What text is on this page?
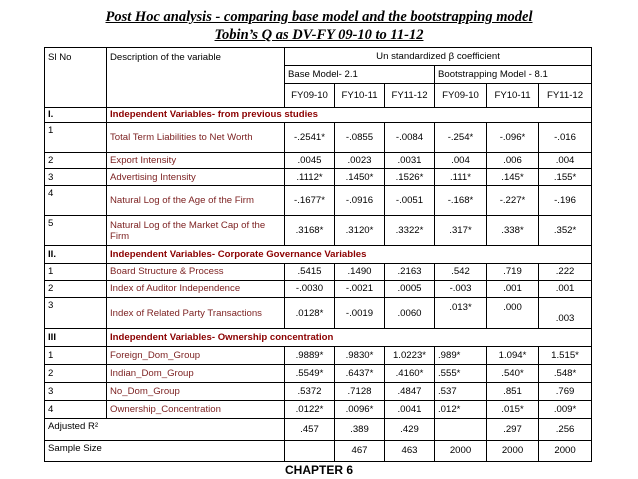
Post Hoc analysis - comparing base model and the bootstrapping model
Tobin’s Q as DV-FY 09-10 to 11-12
Sl No	Description of the variable	Un standardized β coefficient					
		Base Model- 2.1			Bootstrapping Model - 8.1		
		FY09-10	FY10-11	FY11-12	FY09-10	FY10-11	FY11-12
I.	Independent Variables- from previous studies						
1	Total Term Liabilities to Net Worth	-.2541*	-.0855	-.0084	-.254*	-.096*	-.016
2	Export Intensity	.0045	.0023	.0031	.004	.006	.004
3	Advertising Intensity	.1112*	.1450*	.1526*	.111*	.145*	.155*
4	Natural Log of the Age of the Firm	-.1677*	-.0916	-.0051	-.168*	-.227*	-.196
5	Natural Log of the Market Cap of the Firm	.3168*	.3120*	.3322*	.317*	.338*	.352*
II.	Independent Variables- Corporate Governance Variables						
1	Board Structure & Process	.5415	.1490	.2163	.542	.719	.222
2	Index of Auditor Independence	-.0030	-.0021	.0005	-.003	.001	.001
3	Index of Related Party Transactions	.0128*	-.0019	.0060	.013*	.000	.003
III	Independent Variables- Ownership concentration						
1	Foreign_Dom_Group	.9889*	.9830*	1.0223*	.989*	1.094*	1.515*
2	Indian_Dom_Group	.5549*	.6437*	.4160*	.555*	.540*	.548*
3	No_Dom_Group	.5372	.7128	.4847	.537	.851	.769
4	Ownership_Concentration	.0122*	.0096*	.0041	.012*	.015*	.009*
Adjusted R²		.457	.389	.429		.297	.256
Sample Size			467	463	2000	2000	2000
CHAPTER 6
